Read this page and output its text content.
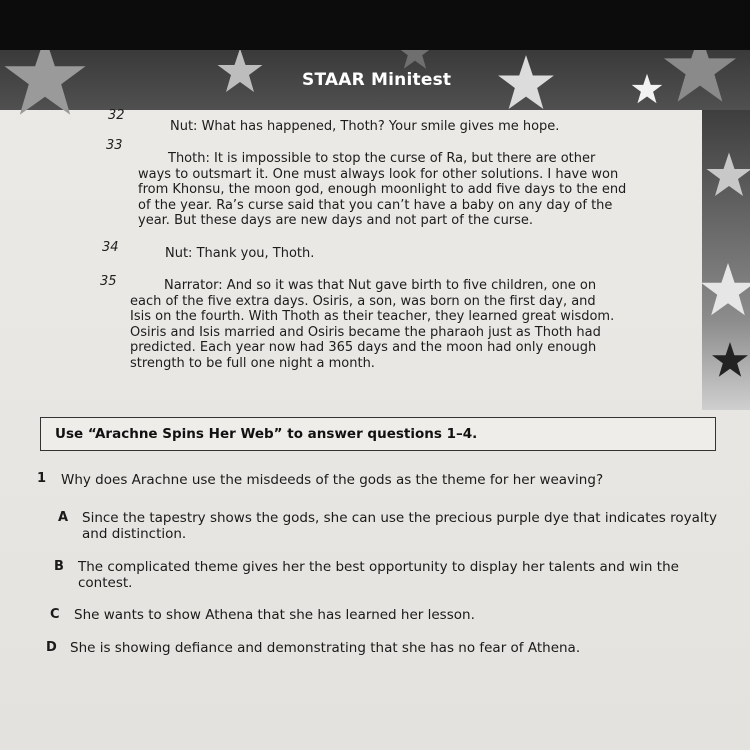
STAAR Minitest
32
Nut: What has happened, Thoth? Your smile gives me hope.
33
Thoth: It is impossible to stop the curse of Ra, but there are other
ways to outsmart it. One must always look for other solutions. I have won
from Khonsu, the moon god, enough moonlight to add five days to the end
of the year. Ra’s curse said that you can’t have a baby on any day of the
year. But these days are new days and not part of the curse.
34	Nut: Thank you, Thoth.
35	Narrator: And so it was that Nut gave birth to five children, one on
each of the five extra days. Osiris, a son, was born on the first day, and
Isis on the fourth. With Thoth as their teacher, they learned great wisdom.
Osiris and Isis married and Osiris became the pharaoh just as Thoth had
predicted. Each year now had 365 days and the moon had only enough
strength to be full one night a month.
Use “Arachne Spins Her Web” to answer questions 1–4.
1 Why does Arachne use the misdeeds of the gods as the theme for her weaving?
A Since the tapestry shows the gods, she can use the precious purple dye that indicates royalty
and distinction.
B The complicated theme gives her the best opportunity to display her talents and win the
contest.
C She wants to show Athena that she has learned her lesson.
D She is showing defiance and demonstrating that she has no fear of Athena.
